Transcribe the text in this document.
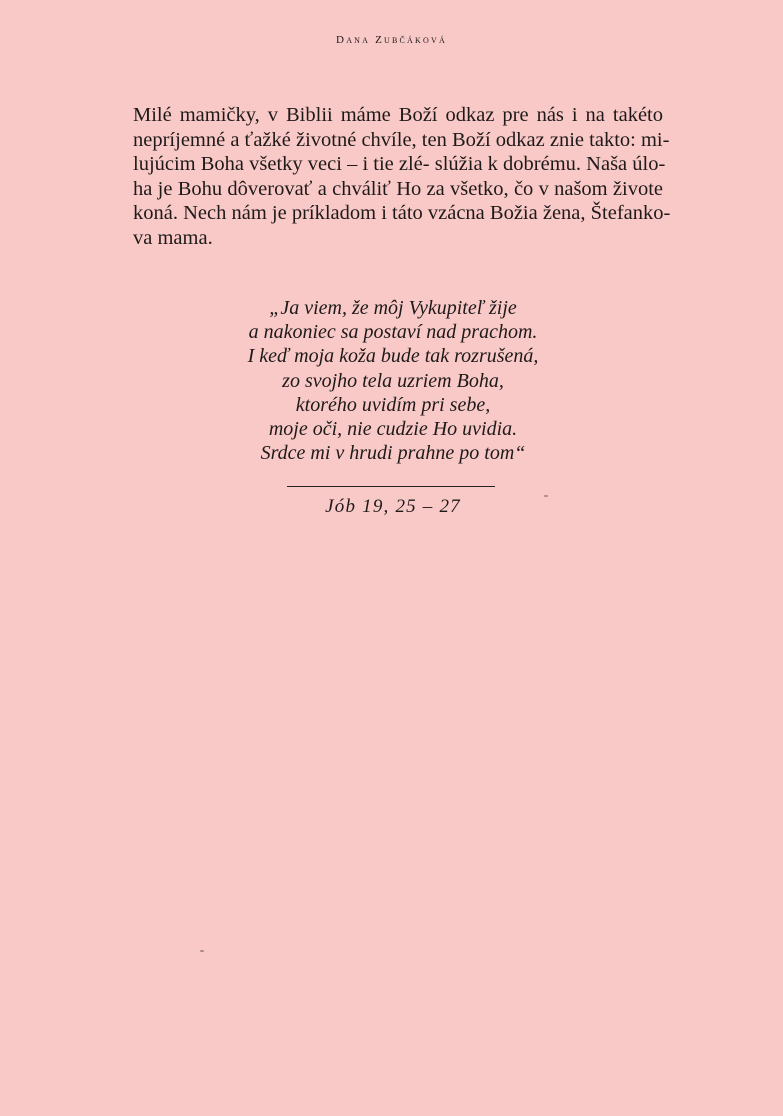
Dana Zubčáková
Milé mamičky, v Biblii máme Boží odkaz pre nás i na takéto
nepríjemné a ťažké životné chvíle, ten Boží odkaz znie takto: mi-
lujúcim Boha všetky veci – i tie zlé- slúžia k dobrému. Naša úlo-
ha je Bohu dôverovať a chváliť Ho za všetko, čo v našom živote
koná. Nech nám je príkladom i táto vzácna Božia žena, Štefanko-
va mama.
„Ja viem, že môj Vykupiteľ žije
a nakoniec sa postaví nad prachom.
I keď moja koža bude tak rozrušená,
zo svojho tela uzriem Boha,
ktorého uvidím pri sebe,
moje oči, nie cudzie Ho uvidia.
Srdce mi v hrudi prahne po tom“
Jób 19, 25 – 27
